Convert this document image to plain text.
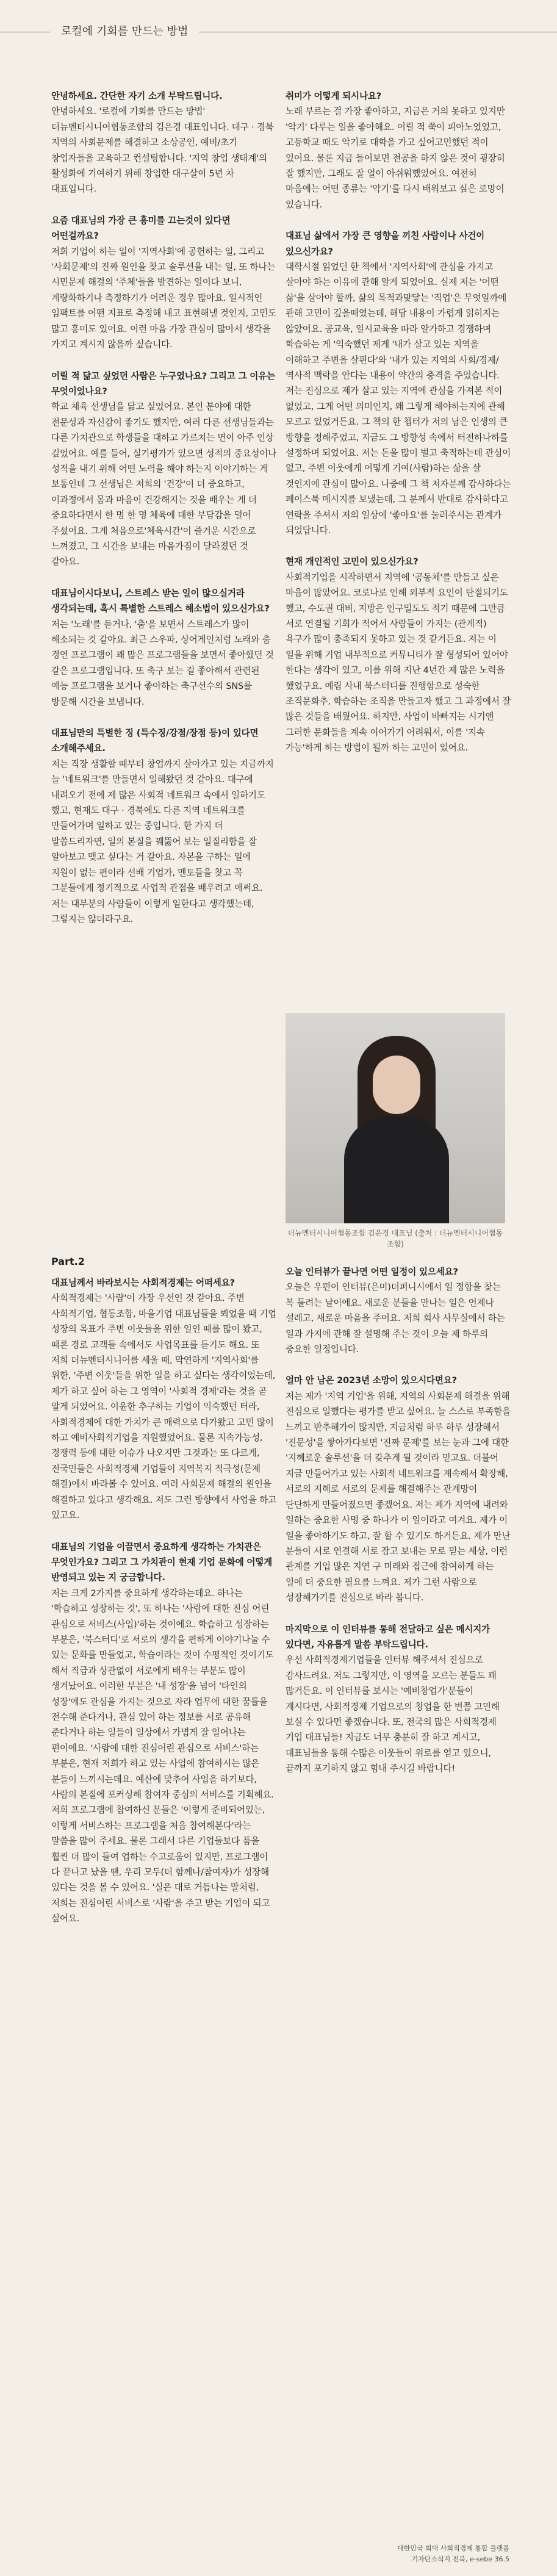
로컬에 기회를 만드는 방법

안녕하세요. 간단한 자기 소개 부탁드립니다.

안녕하세요. '로컬에 기회를 만드는 방법' 더뉴멘터시니어협동조합의 김은경 대표입니다. 대구 · 경북 지역의 사회문제를 해결하고 소상공인, 예비/초기 창업자들을 교육하고 컨설팅합니다. '지역 창업 생태계'의 활성화에 기여하기 위해 창업한 대구살이 5년 차 대표입니다.

요즘 대표님의 가장 큰 흥미를 끄는것이 있다면 어떤걸까요?

저희 기업이 하는 일이 '지역사회'에 공헌하는 일, 그리고 '사회문제'의 진짜 원인을 찾고 솔루션을 내는 일, 또 하나는 시민문제 해결의 '주체'들을 발견하는 일이다 보니, 계량화하기나 측정하기가 어려운 경우 많아요. 일시적인 임팩트를 어떤 지표로 측정해 내고 표현해낼 것인지, 고민도 많고 흥미도 있어요. 이런 마음 가장 관심이 많아서 생각을 가지고 계시지 않을까 싶습니다.

어릴 적 닮고 싶었던 사람은 누구였나요? 그리고 그 이유는 무엇이었나요?

학교 체육 선생님을 닮고 싶었어요. 본인 분야에 대한 전문성과 자신감이 좋기도 했지만, 여러 다른 선생님들과는 다른 가치관으로 학생들을 대하고 가르치는 면이 아주 인상 깊었어요. 예를 들어, 실기평가가 있으면 성적의 중요성이나 성적을 내기 위해 어떤 노력을 해야 하는지 이야기하는 게 보통인데 그 선생님은 저희의 '건강'이 더 중요하고, 이과정에서 몸과 마음이 건강해지는 것을 배우는 게 더 중요하다면서 한 명 한 명 체육에 대한 부담감을 덜어 주셨어요. 그게 처음으로'체육시간'이 즐거운 시간으로 느껴졌고, 그 시간을 보내는 마음가짐이 달라졌던 것 같아요.

대표님이시다보니, 스트레스 받는 일이 많으실거라 생각되는데, 혹시 특별한 스트레스 해소법이 있으신가요?

저는 '노래'를 듣거나, '춤'을 보면서 스트레스가 많이 해소되는 것 같아요. 최근 스우파, 싱어게인처럼 노래와 춤 경연 프로그램이 꽤 많은 프로그램들을 보면서 좋아했던 것 같은 프로그램입니다. 또 축구 보는 걸 좋아해서 관련된 예능 프로그램을 보거나 좋아하는 축구선수의 SNS를 방문해 시간을 보냅니다.

대표님만의 특별한 징 (특수징/강점/장점 등)이 있다면 소개해주세요.

저는 직장 생활할 때부터 창업까지 살아가고 있는 지금까지 늘 '네트워크'를 만들면서 일해왔던 것 같아요. 대구에 내려오기 전에 제 많은 사회적 네트워크 속에서 일하기도 했고, 현재도 대구 · 경북에도 다른 지역 네트워크를 만들어가며 일하고 있는 중입니다. 한 가지 더 말씀드리자면, 일의 본질을 꿰뚫어 보는 일질리함을 잘 알아보고 맺고 싶다는 거 같아요. 자본을 구하는 일에 지원이 없는 편이라 선배 기업가, 멘토들을 찾고 꼭 그분들에게 정기적으로 사업적 관점을 배우려고 애써요. 저는 대부분의 사람들이 이렇게 일한다고 생각했는데, 그렇지는 않더라구요.

취미가 어떻게 되시나요?

노래 부르는 걸 가장 좋아하고, 지금은 거의 못하고 있지만 '악기' 다루는 일을 좋아해요. 어릴 적 쭉이 피아노였었고, 고등학교 때도 악기로 대학을 가고 싶어고민했던 적이 있어요. 물론 지금 들어보면 전공을 하지 않은 것이 굉장히 잘 했지만, 그래도 잘 얼이 아쉬워했었어요. 여전히 마음에는 어떤 종류는 '악기'를 다시 배워보고 싶은 로망이 있습니다.

대표님 삶에서 가장 큰 영향을 끼친 사람이나 사건이 있으신가요?

대학시절 읽었던 한 책에서 '지역사회'에 관심을 가지고 살아야 하는 이유에 관해 알게 되었어요. 실제 저는 '어떤 삶'을 살아야 할까, 삶의 목적과맞닿는 '직업'은 무엇일까에 관해 고민이 깊을때였는데, 해당 내용이 가렵게 읽히지는 않았어요. 공교육, 일시교육을 따라 앞가하고 경쟁하며 학습하는 게 '익숙했던 제게 '내가 살고 있는 지역을 이해하고 주변을 살핀다'와 '내가 있는 지역의 사회/경제/역사적 맥락을 안다는 내용이 약간의 충격을 주었습니다. 저는 진심으로 제가 살고 있는 지역에 관심을 가져본 적이 없었고, 그게 어떤 의미인지, 왜 그렇게 해야하는지에 관해 모르고 있었거든요. 그 책의 한 챕터가 저의 남은 인생의 큰 방향을 정해주었고, 지금도 그 방향성 속에서 터전하나하를 설정하며 되었어요. 저는 돈을 많이 벌고 축적하는데 관심이 없고, 주변 이웃에게 어떻게 기여(사람)하는 삶을 살 것인지에 관심이 많아요. 나중에 그 책 저자분께 감사하다는 페이스북 메시지를 보냈는데, 그 분께서 반대로 감사하다고 연락을 주셔서 저의 일상에 '좋아요'를 눌러주시는 관계가 되었답니다.

현재 개인적인 고민이 있으신가요?

사회적기업을 시작하면서 지역에 '공동체'를 만들고 싶은 마음이 많았어요. 코로나로 인해 외부적 요인이 탄절되기도 했고, 수도권 대비, 지방은 인구밀도도 적기 때문에 그만큼 서로 연결될 기회가 적어서 사람들이 가지는 (관계적) 욕구가 많이 충족되지 못하고 있는 것 같거든요. 저는 이 일을 위해 기업 내부적으로 커뮤니티가 잘 형성되어 있어야 한다는 생각이 있고, 이를 위해 지난 4년간 제 많은 노력을 했었구요. 예림 사내 북스터디를 진행함으로 성숙한 조직문화추, 학습하는 조직을 만들고자 했고 그 과정에서 잘 많은 것들을 배웠어요. 하지만, 사업이 바빠지는 시기엔 그러한 문화들을 계속 이어가기 어려워서, 이를 '지속 가능'하게 하는 방법이 될까 하는 고민이 있어요.

더뉴멘터시니어협동조합 김은경 대표님 (출처 : 더뉴멘터시니어협동조합)
Part.2

대표님께서 바라보시는 사회적경제는 어떠세요?

사회적경제는 '사람'이 가장 우선인 것 같아요. 주변 사회적기업, 협동조합, 마을기업 대표님들을 뵈었을 때 기업 성장의 목표가 주변 이웃들을 위한 일인 때를 많이 봤고, 때론 경로 고객들 속에서도 사업목표를 듣기도 해요. 또 저희 더뉴멘터시니어를 세울 때, 막연하게 '지역사회'를 위한, '주변 이웃'들을 위한 일을 하고 싶다는 생각이었는데, 제가 하고 싶어 하는 그 영역이 '사회적 경제'라는 것을 곧 알게 되었어요. 이윤한 추구하는 기업이 익숙했던 터라, 사회적경제에 대한 가치가 큰 매력으로 다가왔고 고민 많이 하고 예비사회적기업을 지원했었어요. 물론 지속가능성, 경쟁력 등에 대한 이슈가 나오지만 그것과는 또 다르게, 전국민들은 사회적경제 기업들이 지역복지 적극성(문제 해결)에서 바라볼 수 있어요. 여러 사회문제 해결의 원인을 해결하고 있다고 생각해요. 저도 그런 방향에서 사업을 하고 있고요.

대표님의 기업을 이끌면서 중요하게 생각하는 가치관은 무엇인가요? 그리고 그 가치관이 현재 기업 문화에 어떻게 반영되고 있는 지 궁금합니다.

저는 크게 2가지를 중요하게 생각하는데요. 하나는 '학습하고 성장하는 것', 또 하나는 '사람에 대한 진심 어린 관심으로 서비스(사업)'하는 것이에요. 학습하고 성장하는 부분은, '북스터디'로 서로의 생각을 편하게 이야기나눌 수 있는 문화를 만들었고, 학습이라는 것이 수평적인 것이기도 해서 직급과 상관없이 서로에게 배우는 부분도 많이 생겨났어요. 이러한 부분은 '내 성장'을 넘어 '타인의 성장'에도 관심을 가지는 것으로 자라 업무에 대한 꿈틀을 전수해 준다거나, 관심 있어 하는 정보를 서로 공유해 준다거나 하는 일들이 일상에서 가볍게 잘 일어나는 편이에요. '사람에 대한 진심어린 관심으로 서비스'하는 부분은, 현재 저희가 하고 있는 사업에 참여하시는 많은 분들이 느끼시는데요. 예산에 맞추어 사업을 하기보다, 사람의 본질에 포커싱해 참여자 중심의 서비스를 기획해요. 저희 프로그램에 참여하신 분들은 '이렇게 준비되어있는, 이렇게 서비스하는 프로그램을 처음 참여해본다'라는 말씀을 많이 주세요. 물론 그래서 다른 기업들보다 품을 훨씬 더 많이 들여 업하는 수고로움이 있지만, 프로그램이 다 끝나고 났을 땐, 우리 모두(더 함께나/참여자)가 성장해 있다는 것을 볼 수 있어요. '실은 대로 거듭나는 말처럼, 저희는 진심어린 서비스로 '사람'을 주고 받는 기업이 되고 싶어요.

오늘 인터뷰가 끝나면 어떤 일정이 있으세요?

오늘은 우편이 인터뷰(은미)더퍼니시에서 일 정합을 찾는 복 돌려는 날이에요. 새로운 분들을 만나는 일은 언제나 설레고, 새로운 마음을 주어요. 저희 회사 사무실에서 하는 일과 가지에 관해 잘 설명해 주는 것이 오늘 제 하루의 중요한 일정입니다.

얼마 안 남은 2023년 소망이 있으시다면요?

저는 제가 '지역 기업'을 위해, 지역의 사회문제 해결을 위해 진심으로 일했다는 평가를 받고 싶어요. 늘 스스로 부족함을 느끼고 반추해가이 많지만, 지금처럼 하루 하루 성장해서 '진문성'을 쌓아가다보면 '진짜 문제'를 보는 눈과 그에 대한 '지혜로운 솔루션'을 더 갖추게 될 것이라 믿고요. 더불어 지금 만들어가고 있는 사회적 네트워크를 계속해서 확장해, 서로의 지혜로 서로의 문제를 해결해주는 관계망이 단단하게 만들어졌으면 좋겠어요. 저는 제가 지역에 내려와 일하는 중요한 사명 중 하나가 이 일이라고 여겨요. 제가 이 일을 좋아하기도 하고, 잘 할 수 있기도 하거든요. 제가 만난 분들이 서로 연결해 서로 잡고 보내는 모로 믿는 세상, 이런 관계를 기업 많은 지연 구 미래와 접근에 참여하게 하는 일에 더 중요한 필요를 느껴요. 제가 그런 사람으로 성장해가기를 진심으로 바라 봅니다.

마지막으로 이 인터뷰를 통해 전달하고 싶은 메시지가 있다면, 자유롭게 말씀 부탁드립니다.

우선 사회적경제기업들을 인터뷰 해주셔서 진심으로 감사드려요. 저도 그렇지만, 이 영역을 모르는 분들도 꽤 많거든요. 이 인터뷰를 보시는 '예비창업가'분들이 계시다면, 사회적경제 기업으로의 창업을 한 번쯤 고민해 보실 수 있다면 좋겠습니다. 또, 전국의 많은 사회적경제 기업 대표님들! 지금도 너무 충분히 잘 하고 계시고, 대표님들을 통해 수많은 이웃들이 위로를 얻고 있으니, 끝까지 포기하지 않고 힘내 주시길 바랍니다!

대한민국 회대 사회적경제 통합 플랫폼
기자단소식지 전북, e-sebe 36.5
